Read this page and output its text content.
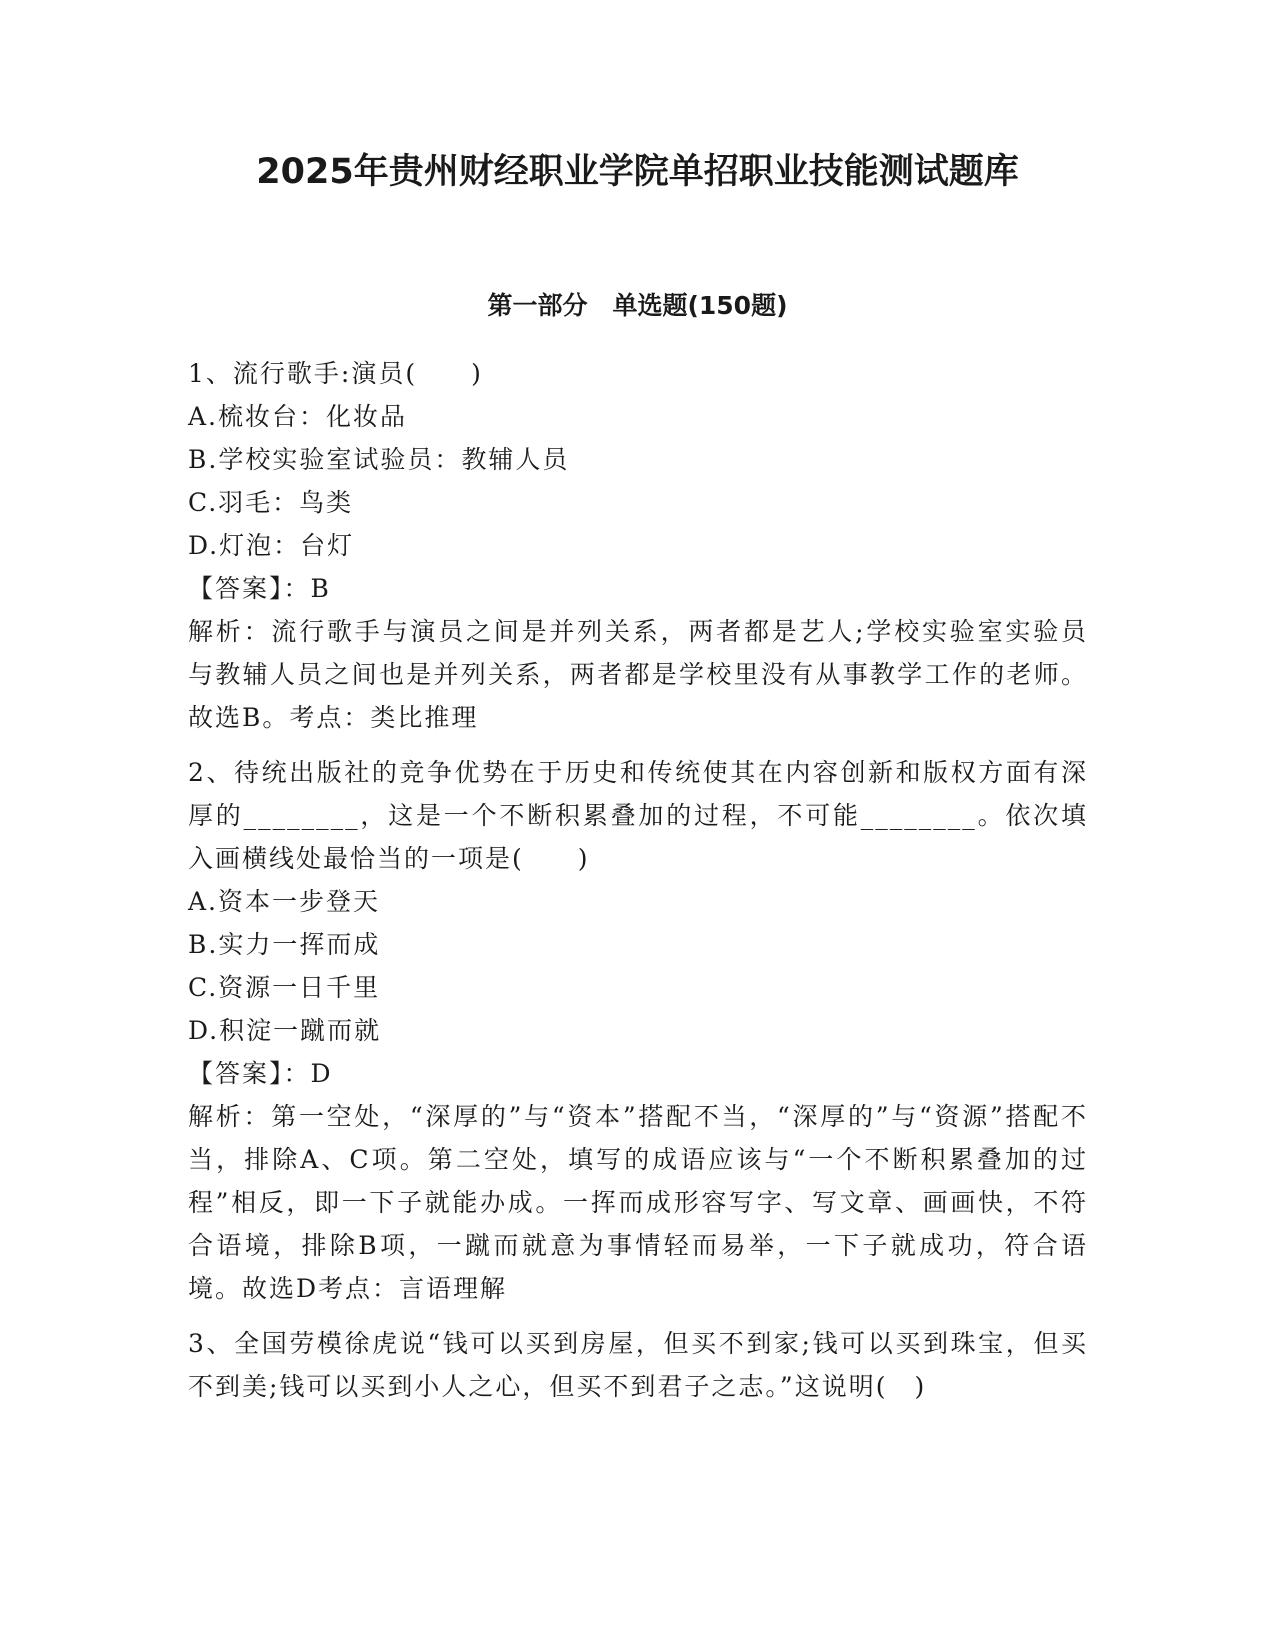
2025年贵州财经职业学院单招职业技能测试题库
第一部分　单选题(150题)

1、流行歌手:演员(　　)

A.梳妆台：化妆品

B.学校实验室试验员：教辅人员

C.羽毛：鸟类

D.灯泡：台灯

【答案】：B

解析：流行歌手与演员之间是并列关系，两者都是艺人;学校实验室实验员与教辅人员之间也是并列关系，两者都是学校里没有从事教学工作的老师。故选B。考点：类比推理

2、待统出版社的竞争优势在于历史和传统使其在内容创新和版权方面有深厚的________，这是一个不断积累叠加的过程，不可能________。依次填入画横线处最恰当的一项是(　　)

A.资本一步登天

B.实力一挥而成

C.资源一日千里

D.积淀一蹴而就

【答案】：D

解析：第一空处，“深厚的”与“资本”搭配不当，“深厚的”与“资源”搭配不当，排除A、C项。第二空处，填写的成语应该与“一个不断积累叠加的过程”相反，即一下子就能办成。一挥而成形容写字、写文章、画画快，不符合语境，排除B项，一蹴而就意为事情轻而易举，一下子就成功，符合语境。故选D考点：言语理解

3、全国劳模徐虎说“钱可以买到房屋，但买不到家;钱可以买到珠宝，但买不到美;钱可以买到小人之心，但买不到君子之志。”这说明(　)
